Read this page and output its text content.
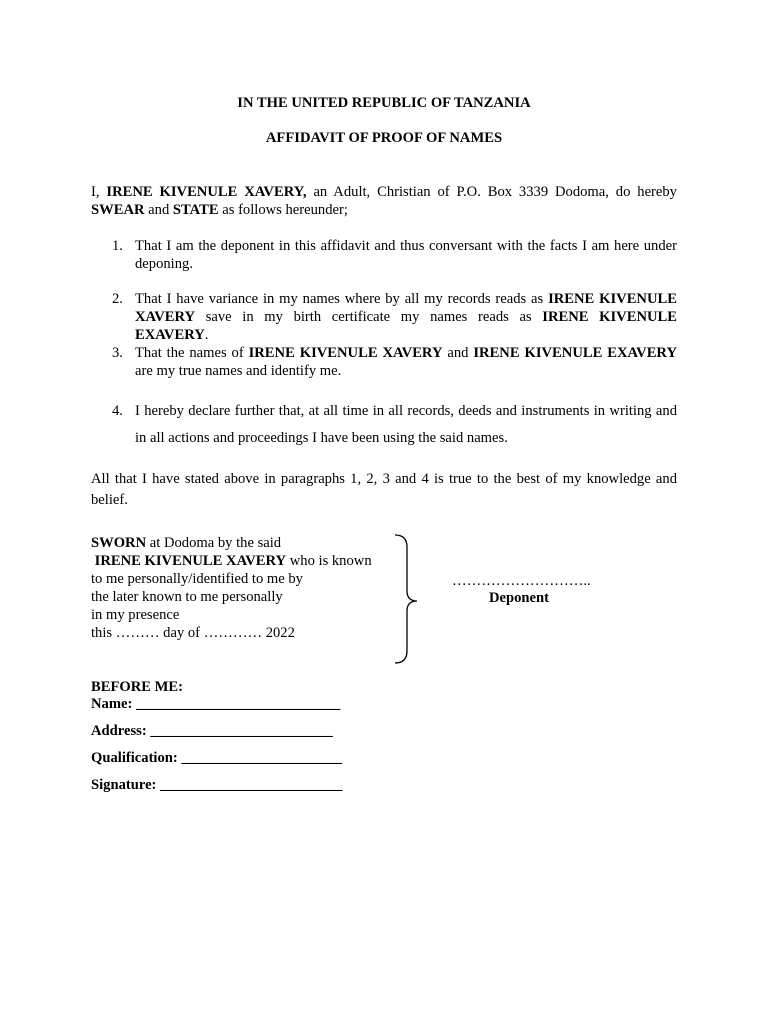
IN THE UNITED REPUBLIC OF TANZANIA
AFFIDAVIT OF PROOF OF NAMES
I, IRENE KIVENULE XAVERY, an Adult, Christian of P.O. Box 3339 Dodoma, do hereby SWEAR and STATE as follows hereunder;
1. That I am the deponent in this affidavit and thus conversant with the facts I am here under deponing.
2. That I have variance in my names where by all my records reads as IRENE KIVENULE XAVERY save in my birth certificate my names reads as IRENE KIVENULE EXAVERY.
3. That the names of IRENE KIVENULE XAVERY and IRENE KIVENULE EXAVERY are my true names and identify me.
4. I hereby declare further that, at all time in all records, deeds and instruments in writing and in all actions and proceedings I have been using the said names.
All that I have stated above in paragraphs 1, 2, 3 and 4 is true to the best of my knowledge and belief.
SWORN at Dodoma by the said
IRENE KIVENULE XAVERY who is known
to me personally/identified to me by
the later known to me personally
in my presence
this ……… day of ………… 2022
………………………..
Deponent
BEFORE ME:
Name: ____________________________
Address: _________________________
Qualification: ______________________
Signature: _________________________
